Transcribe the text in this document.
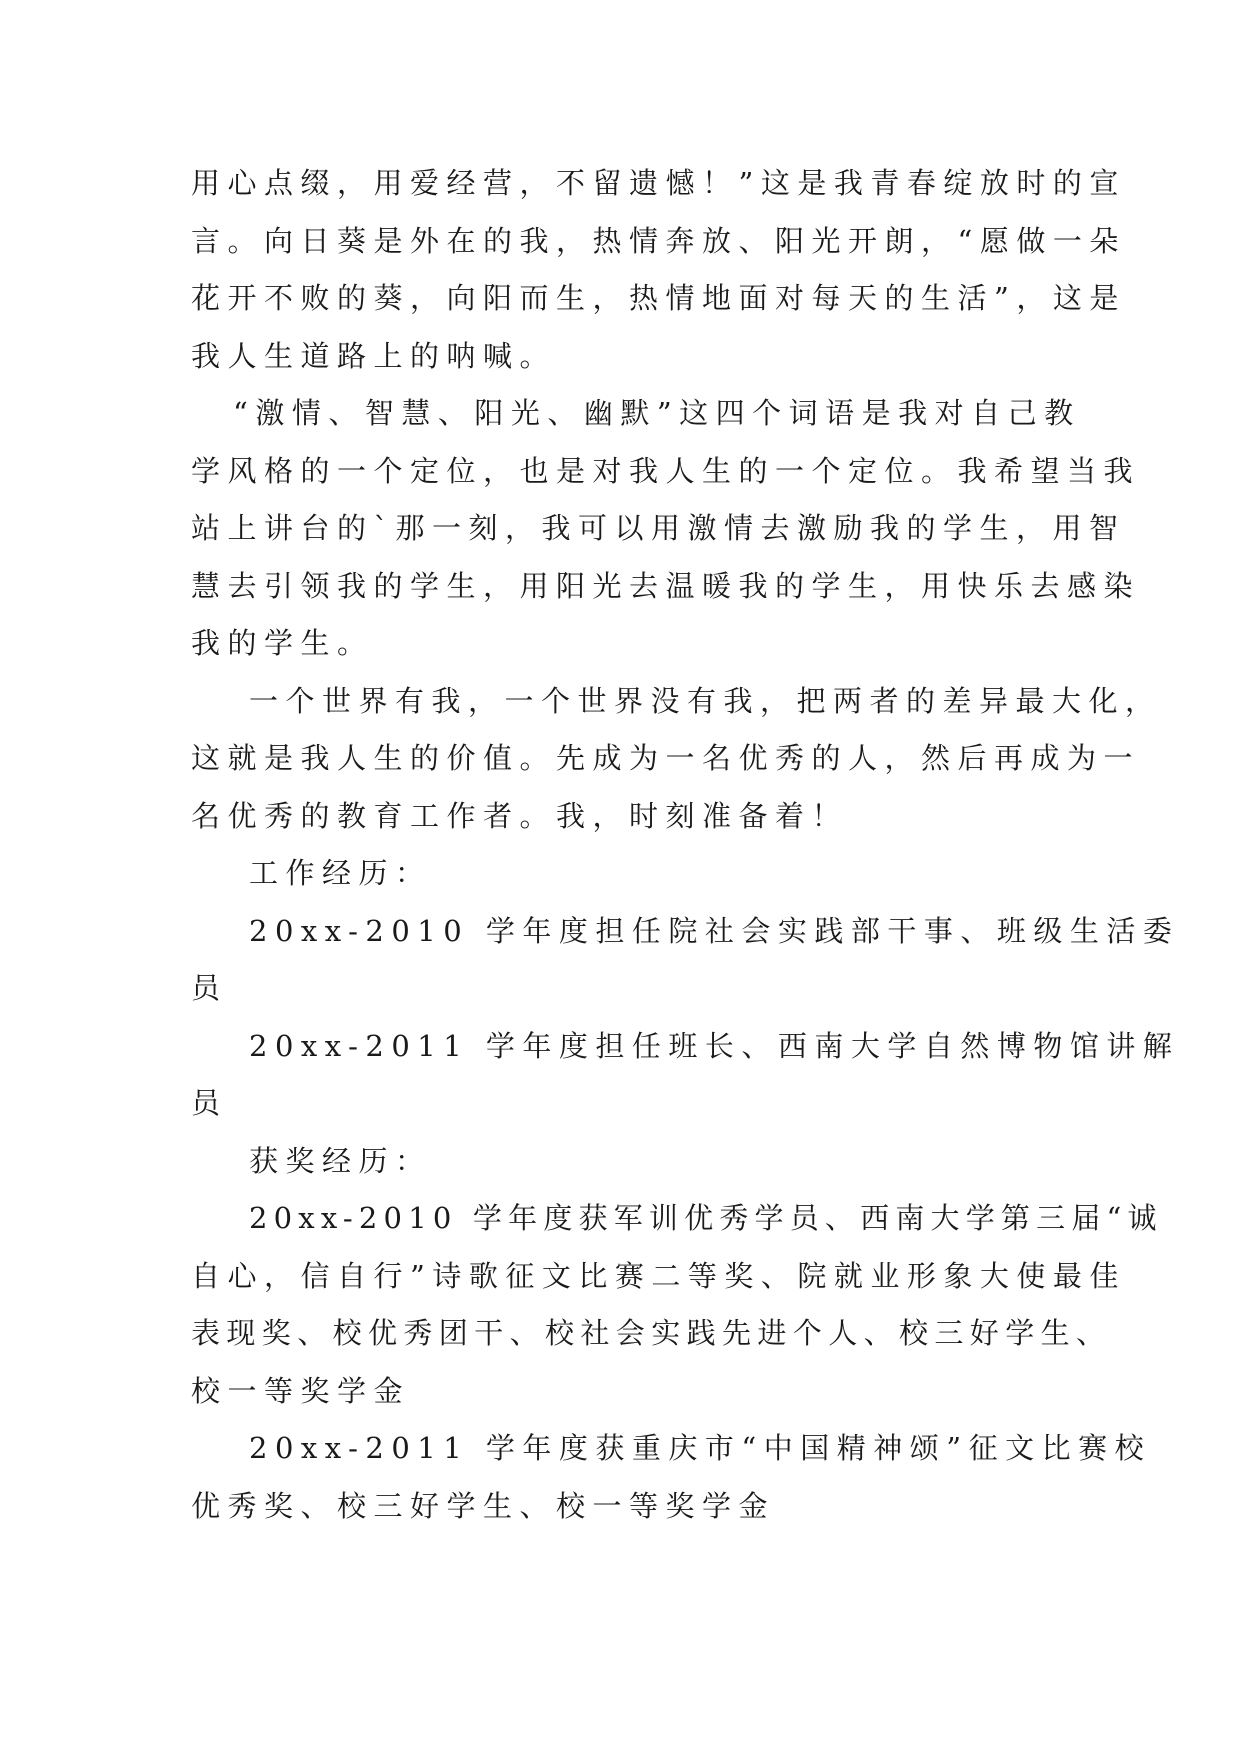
用心点缀，用爱经营，不留遗憾！”这是我青春绽放时的宣
言。向日葵是外在的我，热情奔放、阳光开朗，“愿做一朵
花开不败的葵，向阳而生，热情地面对每天的生活”，这是
我人生道路上的呐喊。

“激情、智慧、阳光、幽默”这四个词语是我对自己教
学风格的一个定位，也是对我人生的一个定位。我希望当我
站上讲台的`那一刻，我可以用激情去激励我的学生，用智
慧去引领我的学生，用阳光去温暖我的学生，用快乐去感染
我的学生。

一个世界有我，一个世界没有我，把两者的差异最大化，
这就是我人生的价值。先成为一名优秀的人，然后再成为一
名优秀的教育工作者。我，时刻准备着！

工作经历：

20xx-2010 学年度担任院社会实践部干事、班级生活委
员

20xx-2011 学年度担任班长、西南大学自然博物馆讲解
员

获奖经历：

20xx-2010 学年度获军训优秀学员、西南大学第三届“诚
自心，信自行”诗歌征文比赛二等奖、院就业形象大使最佳
表现奖、校优秀团干、校社会实践先进个人、校三好学生、
校一等奖学金

20xx-2011 学年度获重庆市“中国精神颂”征文比赛校
优秀奖、校三好学生、校一等奖学金
